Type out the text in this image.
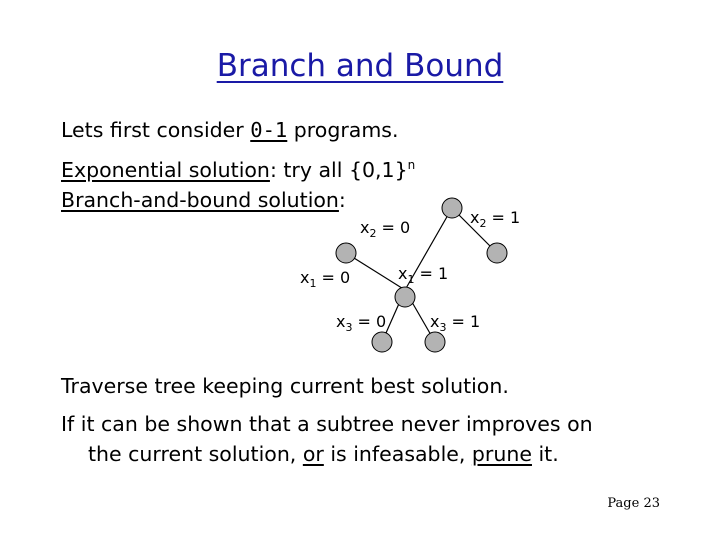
Branch and Bound
Lets first consider 0-1 programs.
Exponential solution: try all $\{0,1\}^n$
Branch-and-bound solution:
$x_2 = 0$
$x_2 = 1$
$x_1 = 0$	$x_1 = 1$
$x_3 = 0$	$x_3 = 1$
Traverse tree keeping current best solution.
If it can be shown that a subtree never improves on
the current solution, or is infeasable, prune it.
Page 23
